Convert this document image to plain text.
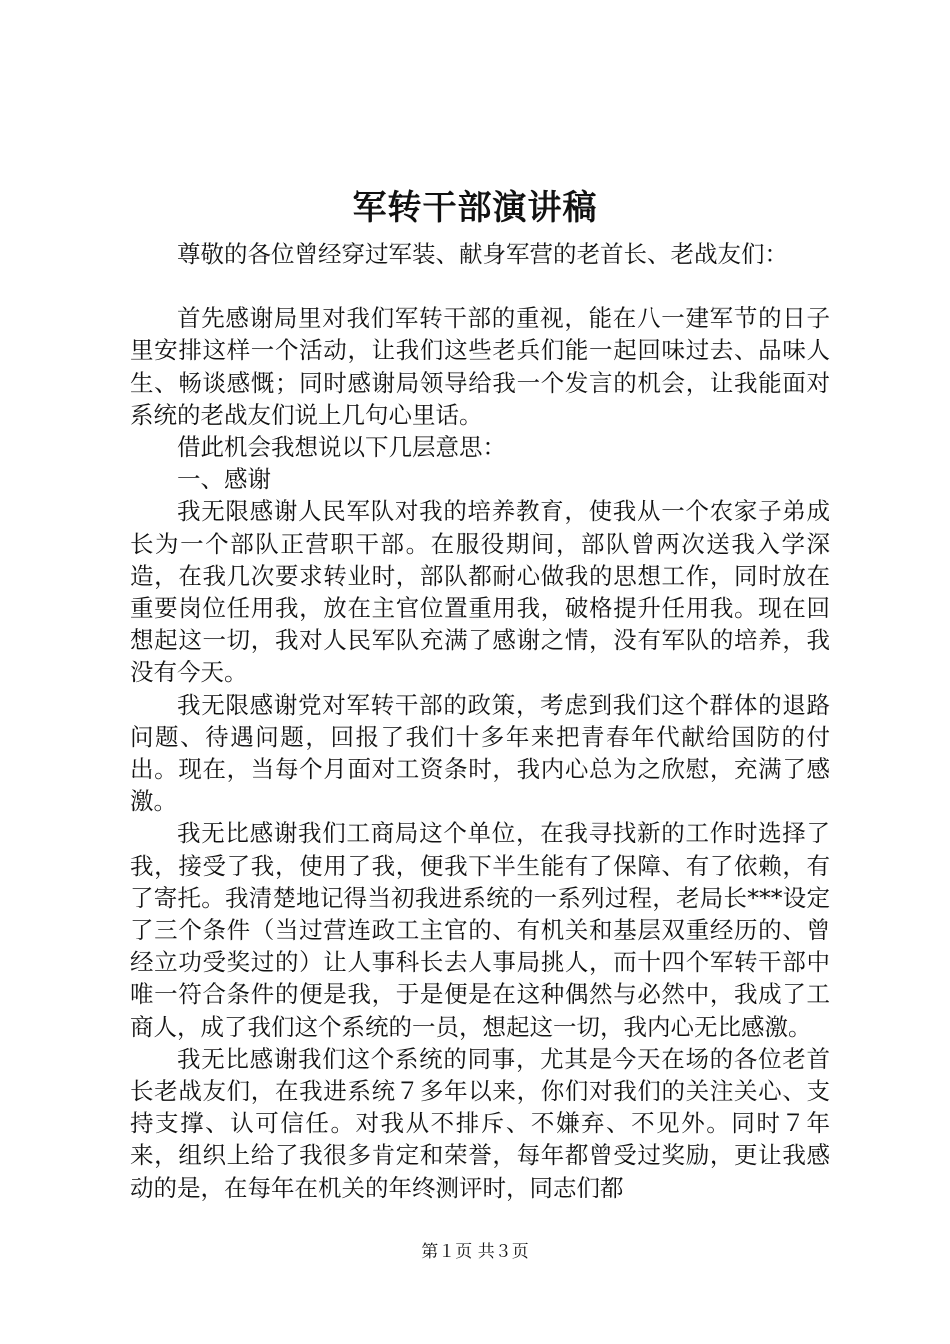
军转干部演讲稿

尊敬的各位曾经穿过军装、献身军营的老首长、老战友们：

首先感谢局里对我们军转干部的重视，能在八一建军节的日子里安排这样一个活动，让我们这些老兵们能一起回味过去、品味人生、畅谈感慨；同时感谢局领导给我一个发言的机会，让我能面对系统的老战友们说上几句心里话。

借此机会我想说以下几层意思：

一、感谢

我无限感谢人民军队对我的培养教育，使我从一个农家子弟成长为一个部队正营职干部。在服役期间，部队曾两次送我入学深造，在我几次要求转业时，部队都耐心做我的思想工作，同时放在重要岗位任用我，放在主官位置重用我，破格提升任用我。现在回想起这一切，我对人民军队充满了感谢之情，没有军队的培养，我没有今天。

我无限感谢党对军转干部的政策，考虑到我们这个群体的退路问题、待遇问题，回报了我们十多年来把青春年代献给国防的付出。现在，当每个月面对工资条时，我内心总为之欣慰，充满了感激。

我无比感谢我们工商局这个单位，在我寻找新的工作时选择了我，接受了我，使用了我，便我下半生能有了保障、有了依赖，有了寄托。我清楚地记得当初我进系统的一系列过程，老局长***设定了三个条件（当过营连政工主官的、有机关和基层双重经历的、曾经立功受奖过的）让人事科长去人事局挑人，而十四个军转干部中唯一符合条件的便是我，于是便是在这种偶然与必然中，我成了工商人，成了我们这个系统的一员，想起这一切，我内心无比感激。

我无比感谢我们这个系统的同事，尤其是今天在场的各位老首长老战友们，在我进系统７多年以来，你们对我们的关注关心、支持支撑、认可信任。对我从不排斥、不嫌弃、不见外。同时７年来，组织上给了我很多肯定和荣誉，每年都曾受过奖励，更让我感动的是，在每年在机关的年终测评时，同志们都

第１页 共３页
